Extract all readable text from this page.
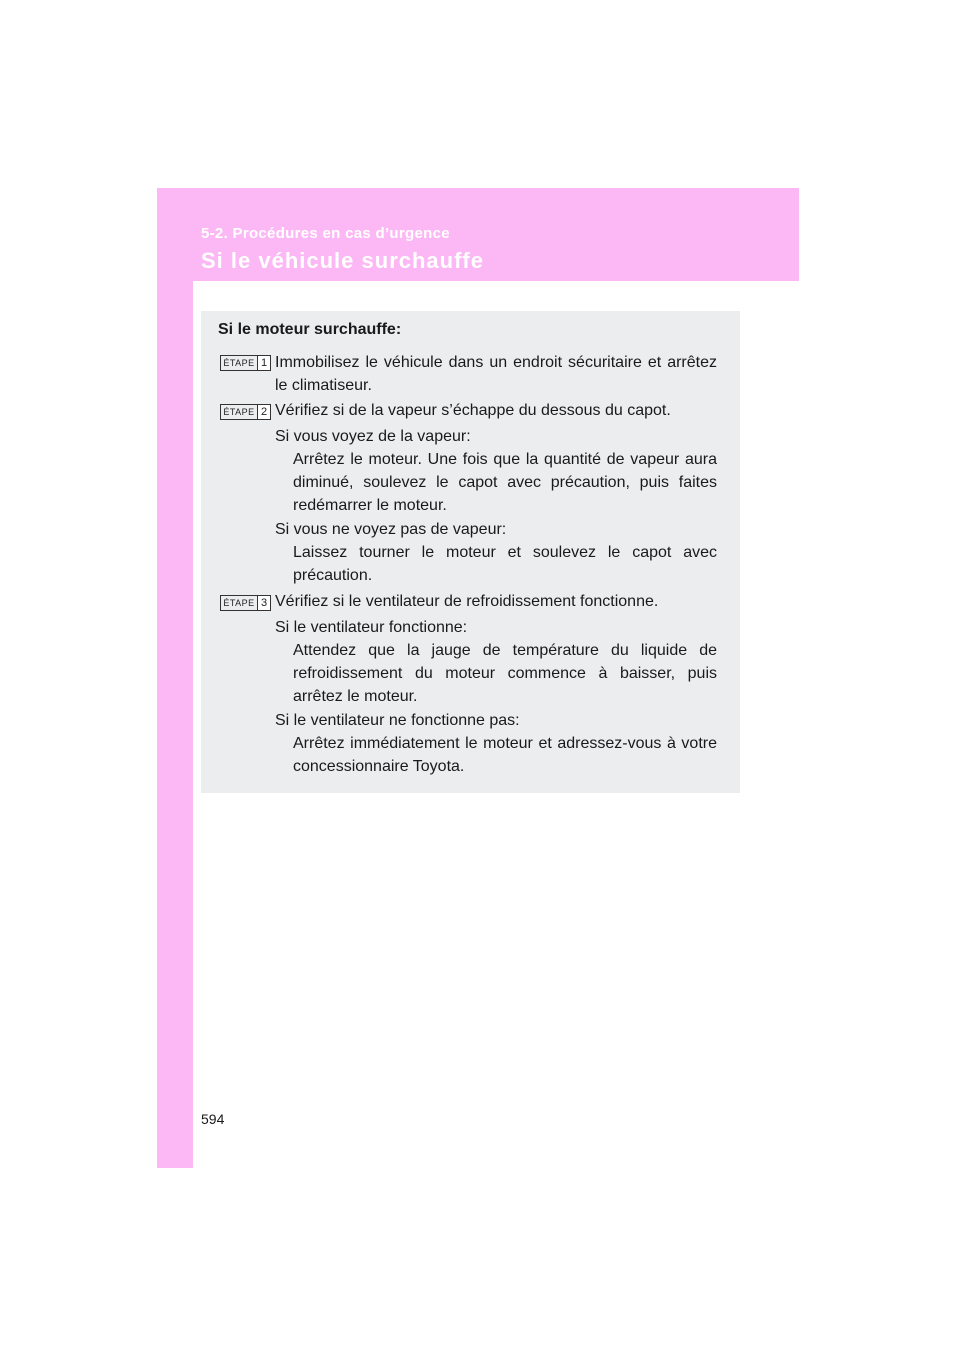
5-2. Procédures en cas d’urgence
Si le véhicule surchauffe
Si le moteur surchauffe:
ÉTAPE 1 Immobilisez le véhicule dans un endroit sécuritaire et arrêtez le climatiseur.
ÉTAPE 2 Vérifiez si de la vapeur s’échappe du dessous du capot.
Si vous voyez de la vapeur:
Arrêtez le moteur. Une fois que la quantité de vapeur aura diminué, soulevez le capot avec précaution, puis faites redémarrer le moteur.
Si vous ne voyez pas de vapeur:
Laissez tourner le moteur et soulevez le capot avec précaution.
ÉTAPE 3 Vérifiez si le ventilateur de refroidissement fonctionne.
Si le ventilateur fonctionne:
Attendez que la jauge de température du liquide de refroidissement du moteur commence à baisser, puis arrêtez le moteur.
Si le ventilateur ne fonctionne pas:
Arrêtez immédiatement le moteur et adressez-vous à votre concessionnaire Toyota.
594
